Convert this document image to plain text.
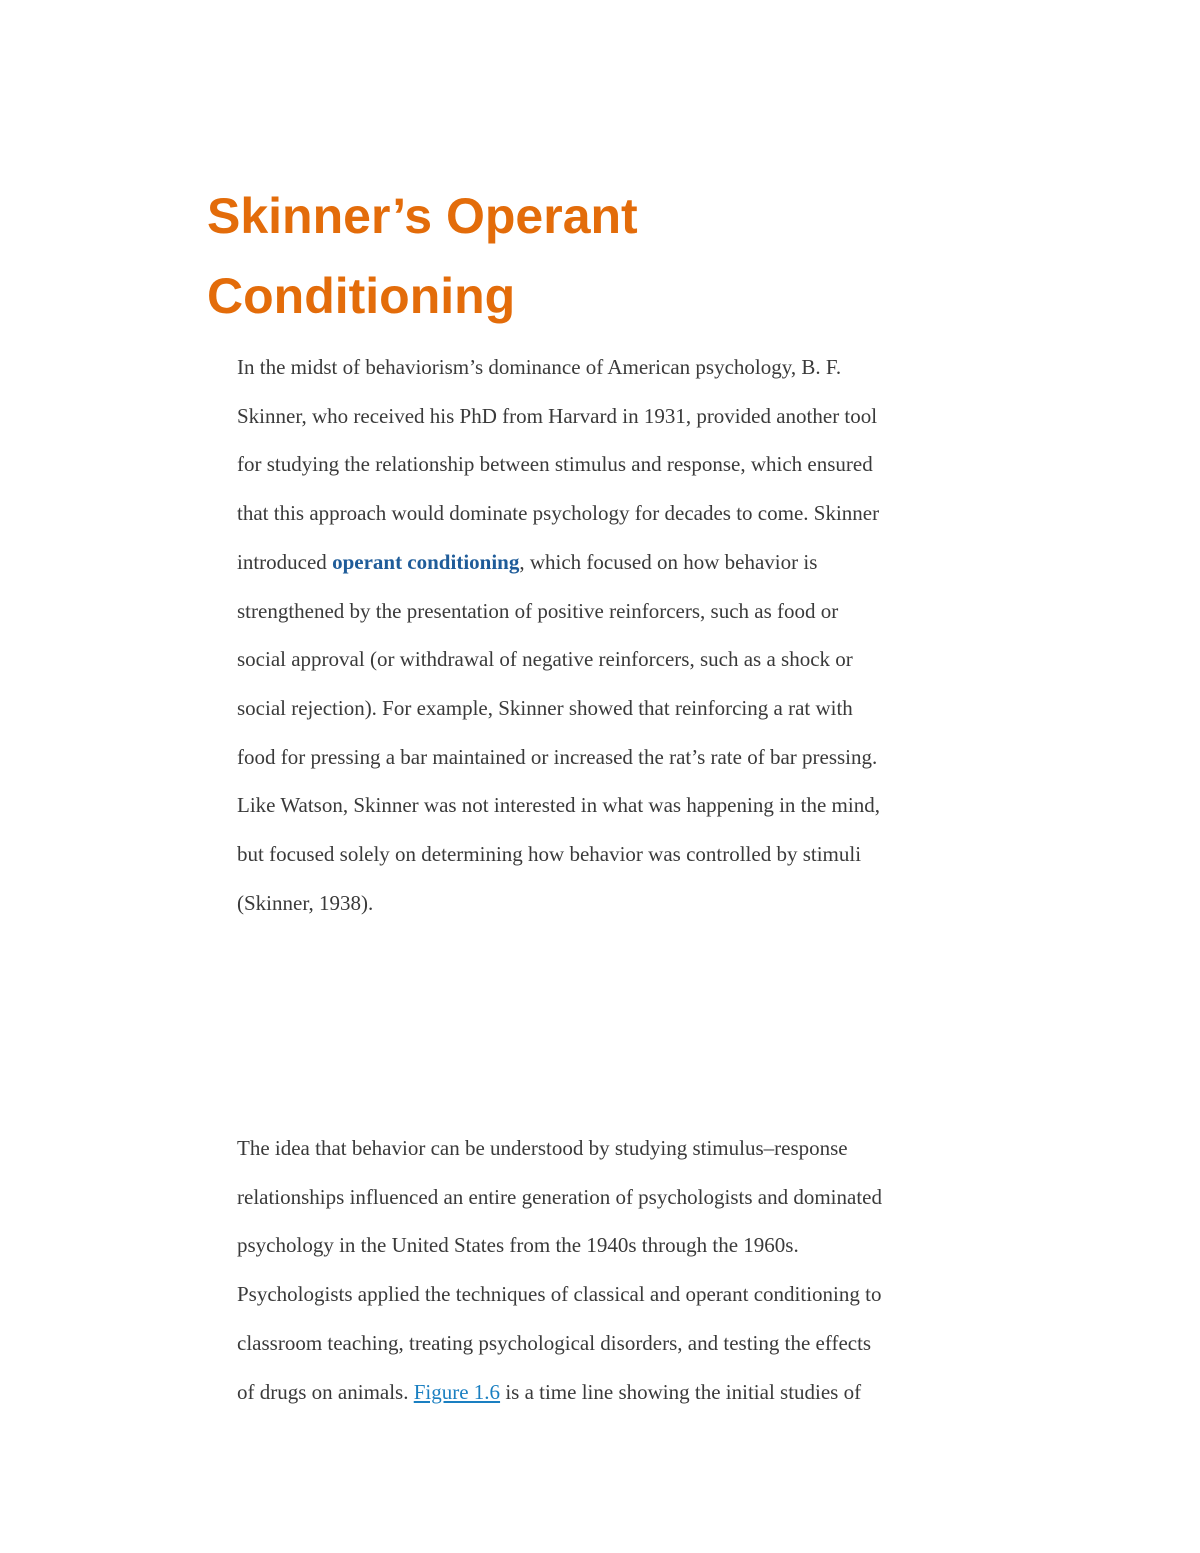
Skinner’s Operant
Conditioning

In the midst of behaviorism’s dominance of American psychology, B. F.
Skinner, who received his PhD from Harvard in 1931, provided another tool
for studying the relationship between stimulus and response, which ensured
that this approach would dominate psychology for decades to come. Skinner
introduced operant conditioning, which focused on how behavior is
strengthened by the presentation of positive reinforcers, such as food or
social approval (or withdrawal of negative reinforcers, such as a shock or
social rejection). For example, Skinner showed that reinforcing a rat with
food for pressing a bar maintained or increased the rat’s rate of bar pressing.
Like Watson, Skinner was not interested in what was happening in the mind,
but focused solely on determining how behavior was controlled by stimuli
(Skinner, 1938).

The idea that behavior can be understood by studying stimulus–response
relationships influenced an entire generation of psychologists and dominated
psychology in the United States from the 1940s through the 1960s.
Psychologists applied the techniques of classical and operant conditioning to
classroom teaching, treating psychological disorders, and testing the effects
of drugs on animals. Figure 1.6 is a time line showing the initial studies of
